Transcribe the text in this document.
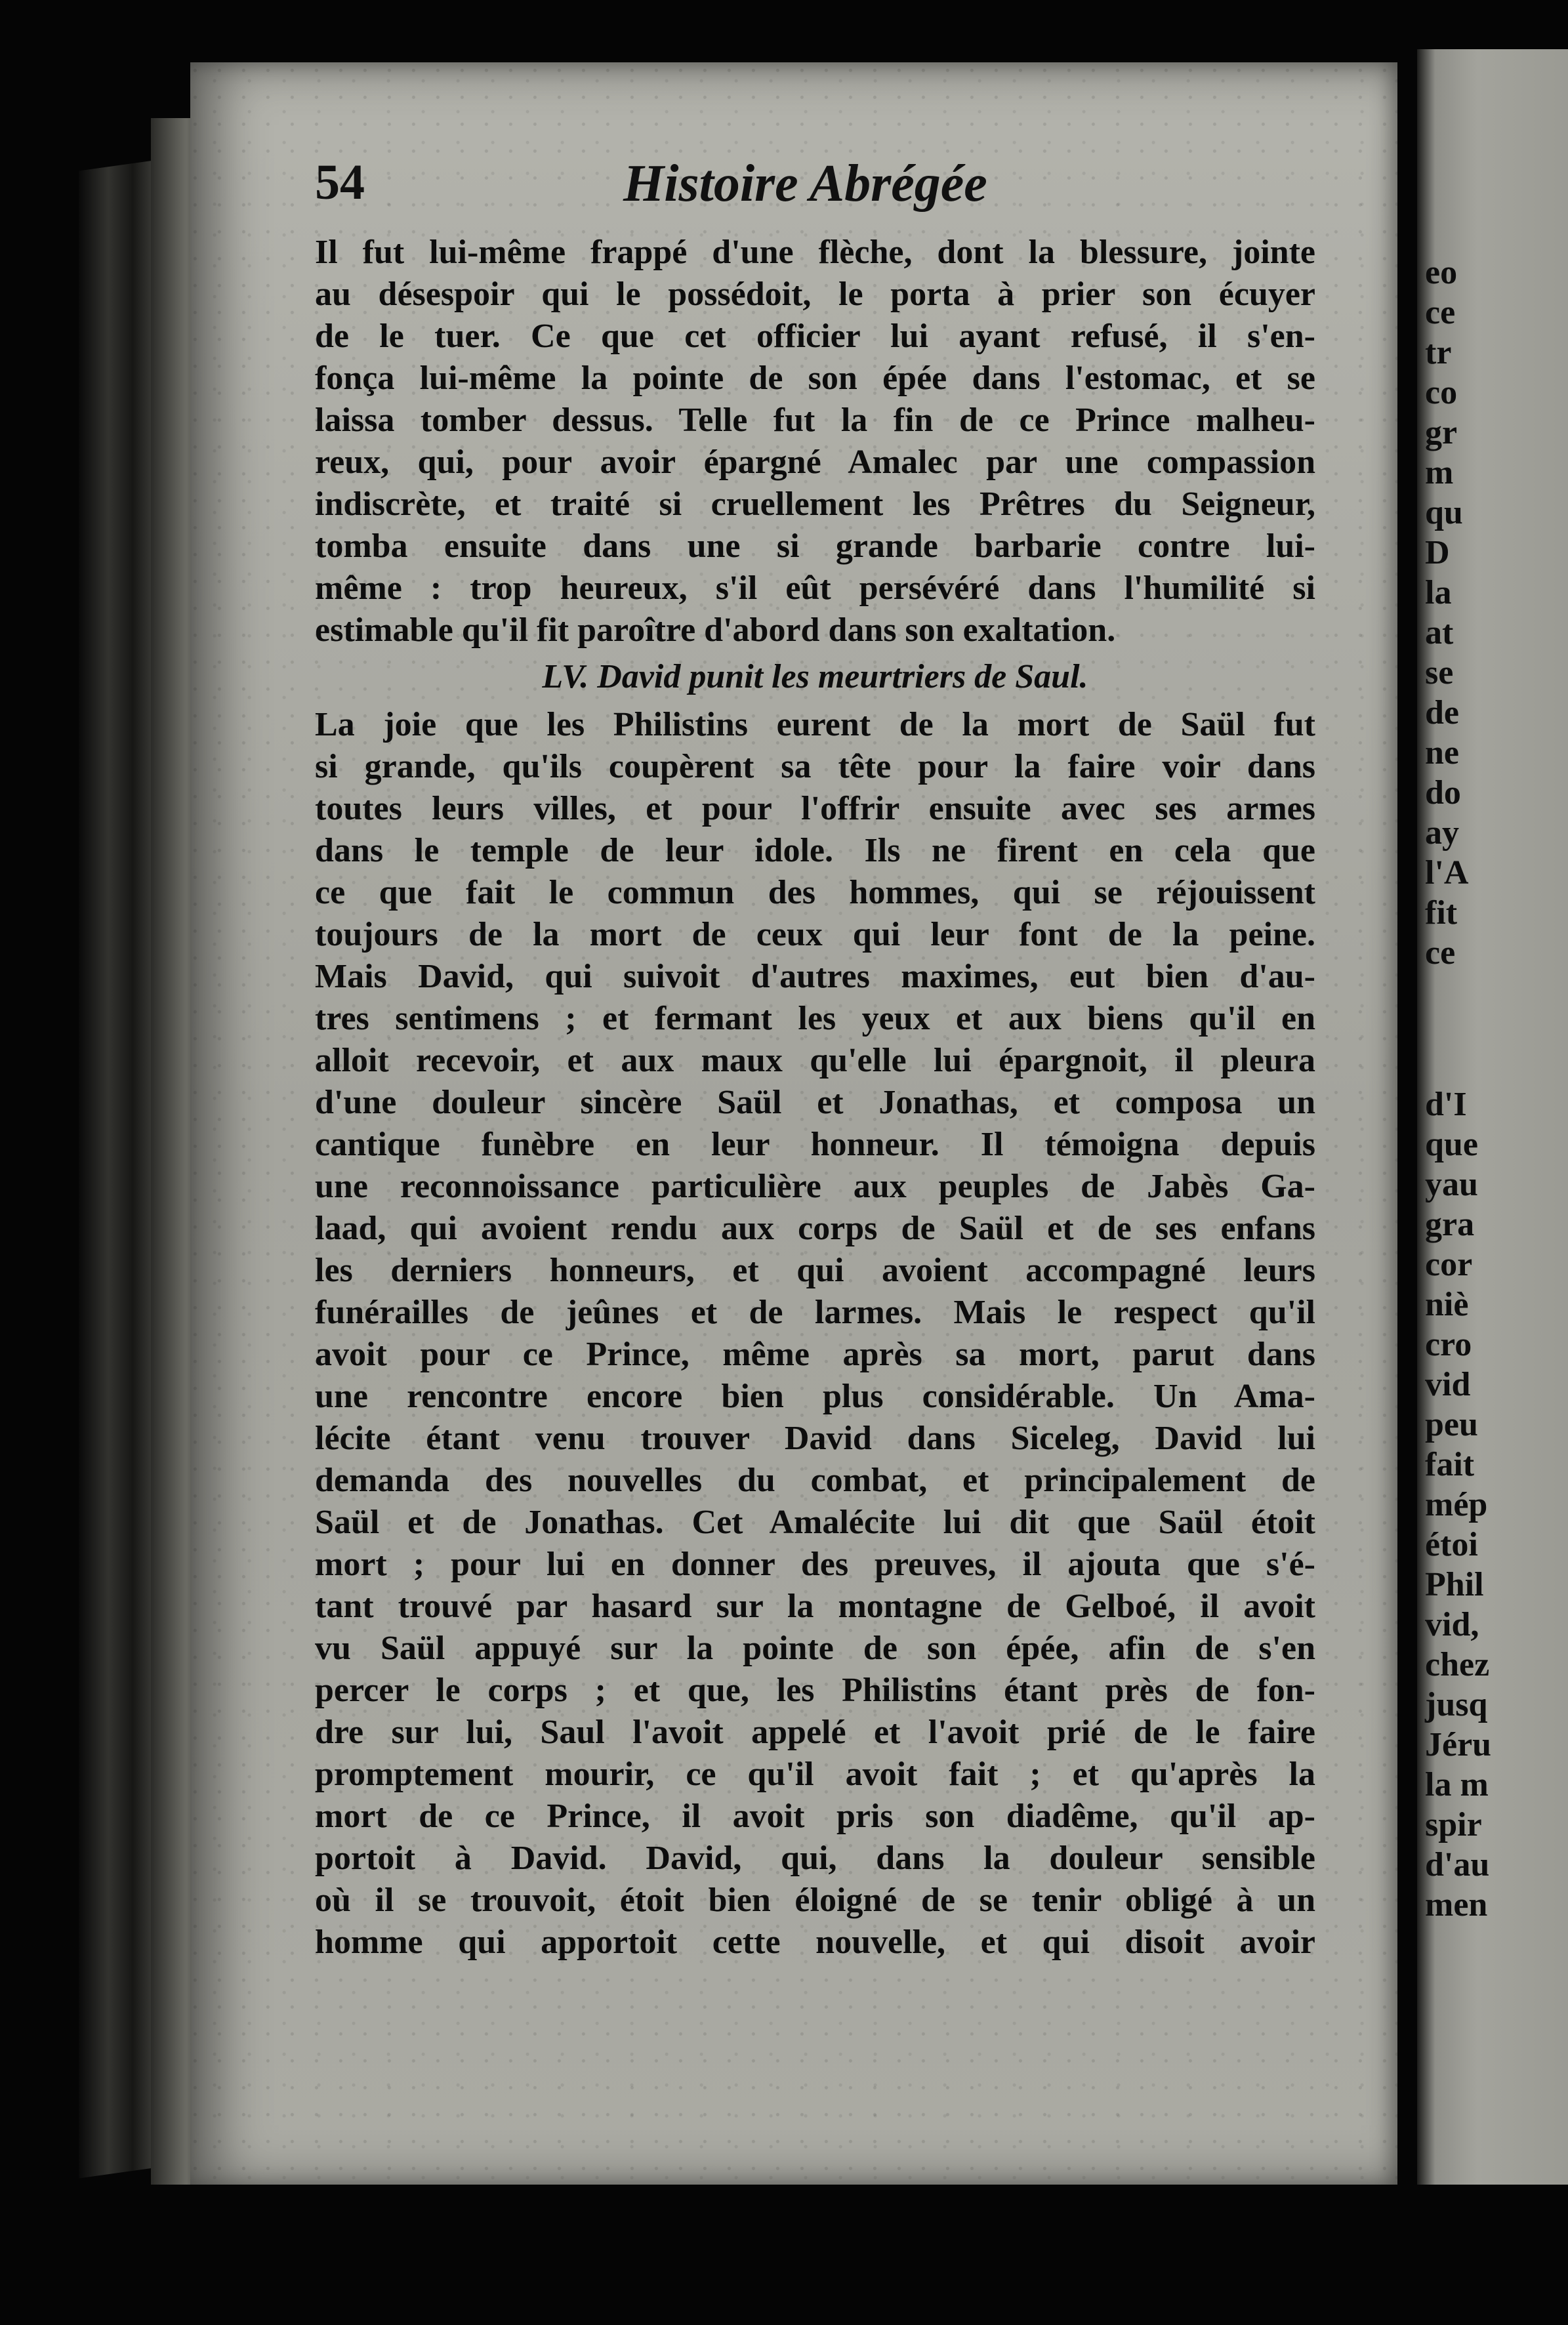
54	Histoire Abrégée
Il fut lui-même frappé d'une flèche, dont la blessure, jointe
au désespoir qui le possédoit, le porta à prier son écuyer
de le tuer. Ce que cet officier lui ayant refusé, il s'en-
fonça lui-même la pointe de son épée dans l'estomac, et se
laissa tomber dessus. Telle fut la fin de ce Prince malheu-
reux, qui, pour avoir épargné Amalec par une compassion
indiscrète, et traité si cruellement les Prêtres du Seigneur,
tomba ensuite dans une si grande barbarie contre lui-
même : trop heureux, s'il eût persévéré dans l'humilité si
estimable qu'il fit paroître d'abord dans son exaltation.
LV. David punit les meurtriers de Saul.
La joie que les Philistins eurent de la mort de Saül fut
si grande, qu'ils coupèrent sa tête pour la faire voir dans
toutes leurs villes, et pour l'offrir ensuite avec ses armes
dans le temple de leur idole. Ils ne firent en cela que
ce que fait le commun des hommes, qui se réjouissent
toujours de la mort de ceux qui leur font de la peine.
Mais David, qui suivoit d'autres maximes, eut bien d'au-
tres sentimens ; et fermant les yeux et aux biens qu'il en
alloit recevoir, et aux maux qu'elle lui épargnoit, il pleura
d'une douleur sincère Saül et Jonathas, et composa un
cantique funèbre en leur honneur. Il témoigna depuis
une reconnoissance particulière aux peuples de Jabès Ga-
laad, qui avoient rendu aux corps de Saül et de ses enfans
les derniers honneurs, et qui avoient accompagné leurs
funérailles de jeûnes et de larmes. Mais le respect qu'il
avoit pour ce Prince, même après sa mort, parut dans
une rencontre encore bien plus considérable. Un Ama-
lécite étant venu trouver David dans Siceleg, David lui
demanda des nouvelles du combat, et principalement de
Saül et de Jonathas. Cet Amalécite lui dit que Saül étoit
mort ; pour lui en donner des preuves, il ajouta que s'é-
tant trouvé par hasard sur la montagne de Gelboé, il avoit
vu Saül appuyé sur la pointe de son épée, afin de s'en
percer le corps ; et que, les Philistins étant près de fon-
dre sur lui, Saul l'avoit appelé et l'avoit prié de le faire
promptement mourir, ce qu'il avoit fait ; et qu'après la
mort de ce Prince, il avoit pris son diadême, qu'il ap-
portoit à David. David, qui, dans la douleur sensible
où il se trouvoit, étoit bien éloigné de se tenir obligé à un
homme qui apportoit cette nouvelle, et qui disoit avoir
eo
ce
tr
co
gr
m
qu
D
la
at
se
de
ne
do
ay
l'A
fit
ce
d'I
que
yau
gra
cor
niè
cro
vid
peu
fait
mép
étoi
Phil
vid,
chez
jusq
Jéru
la m
spir
d'au
men
